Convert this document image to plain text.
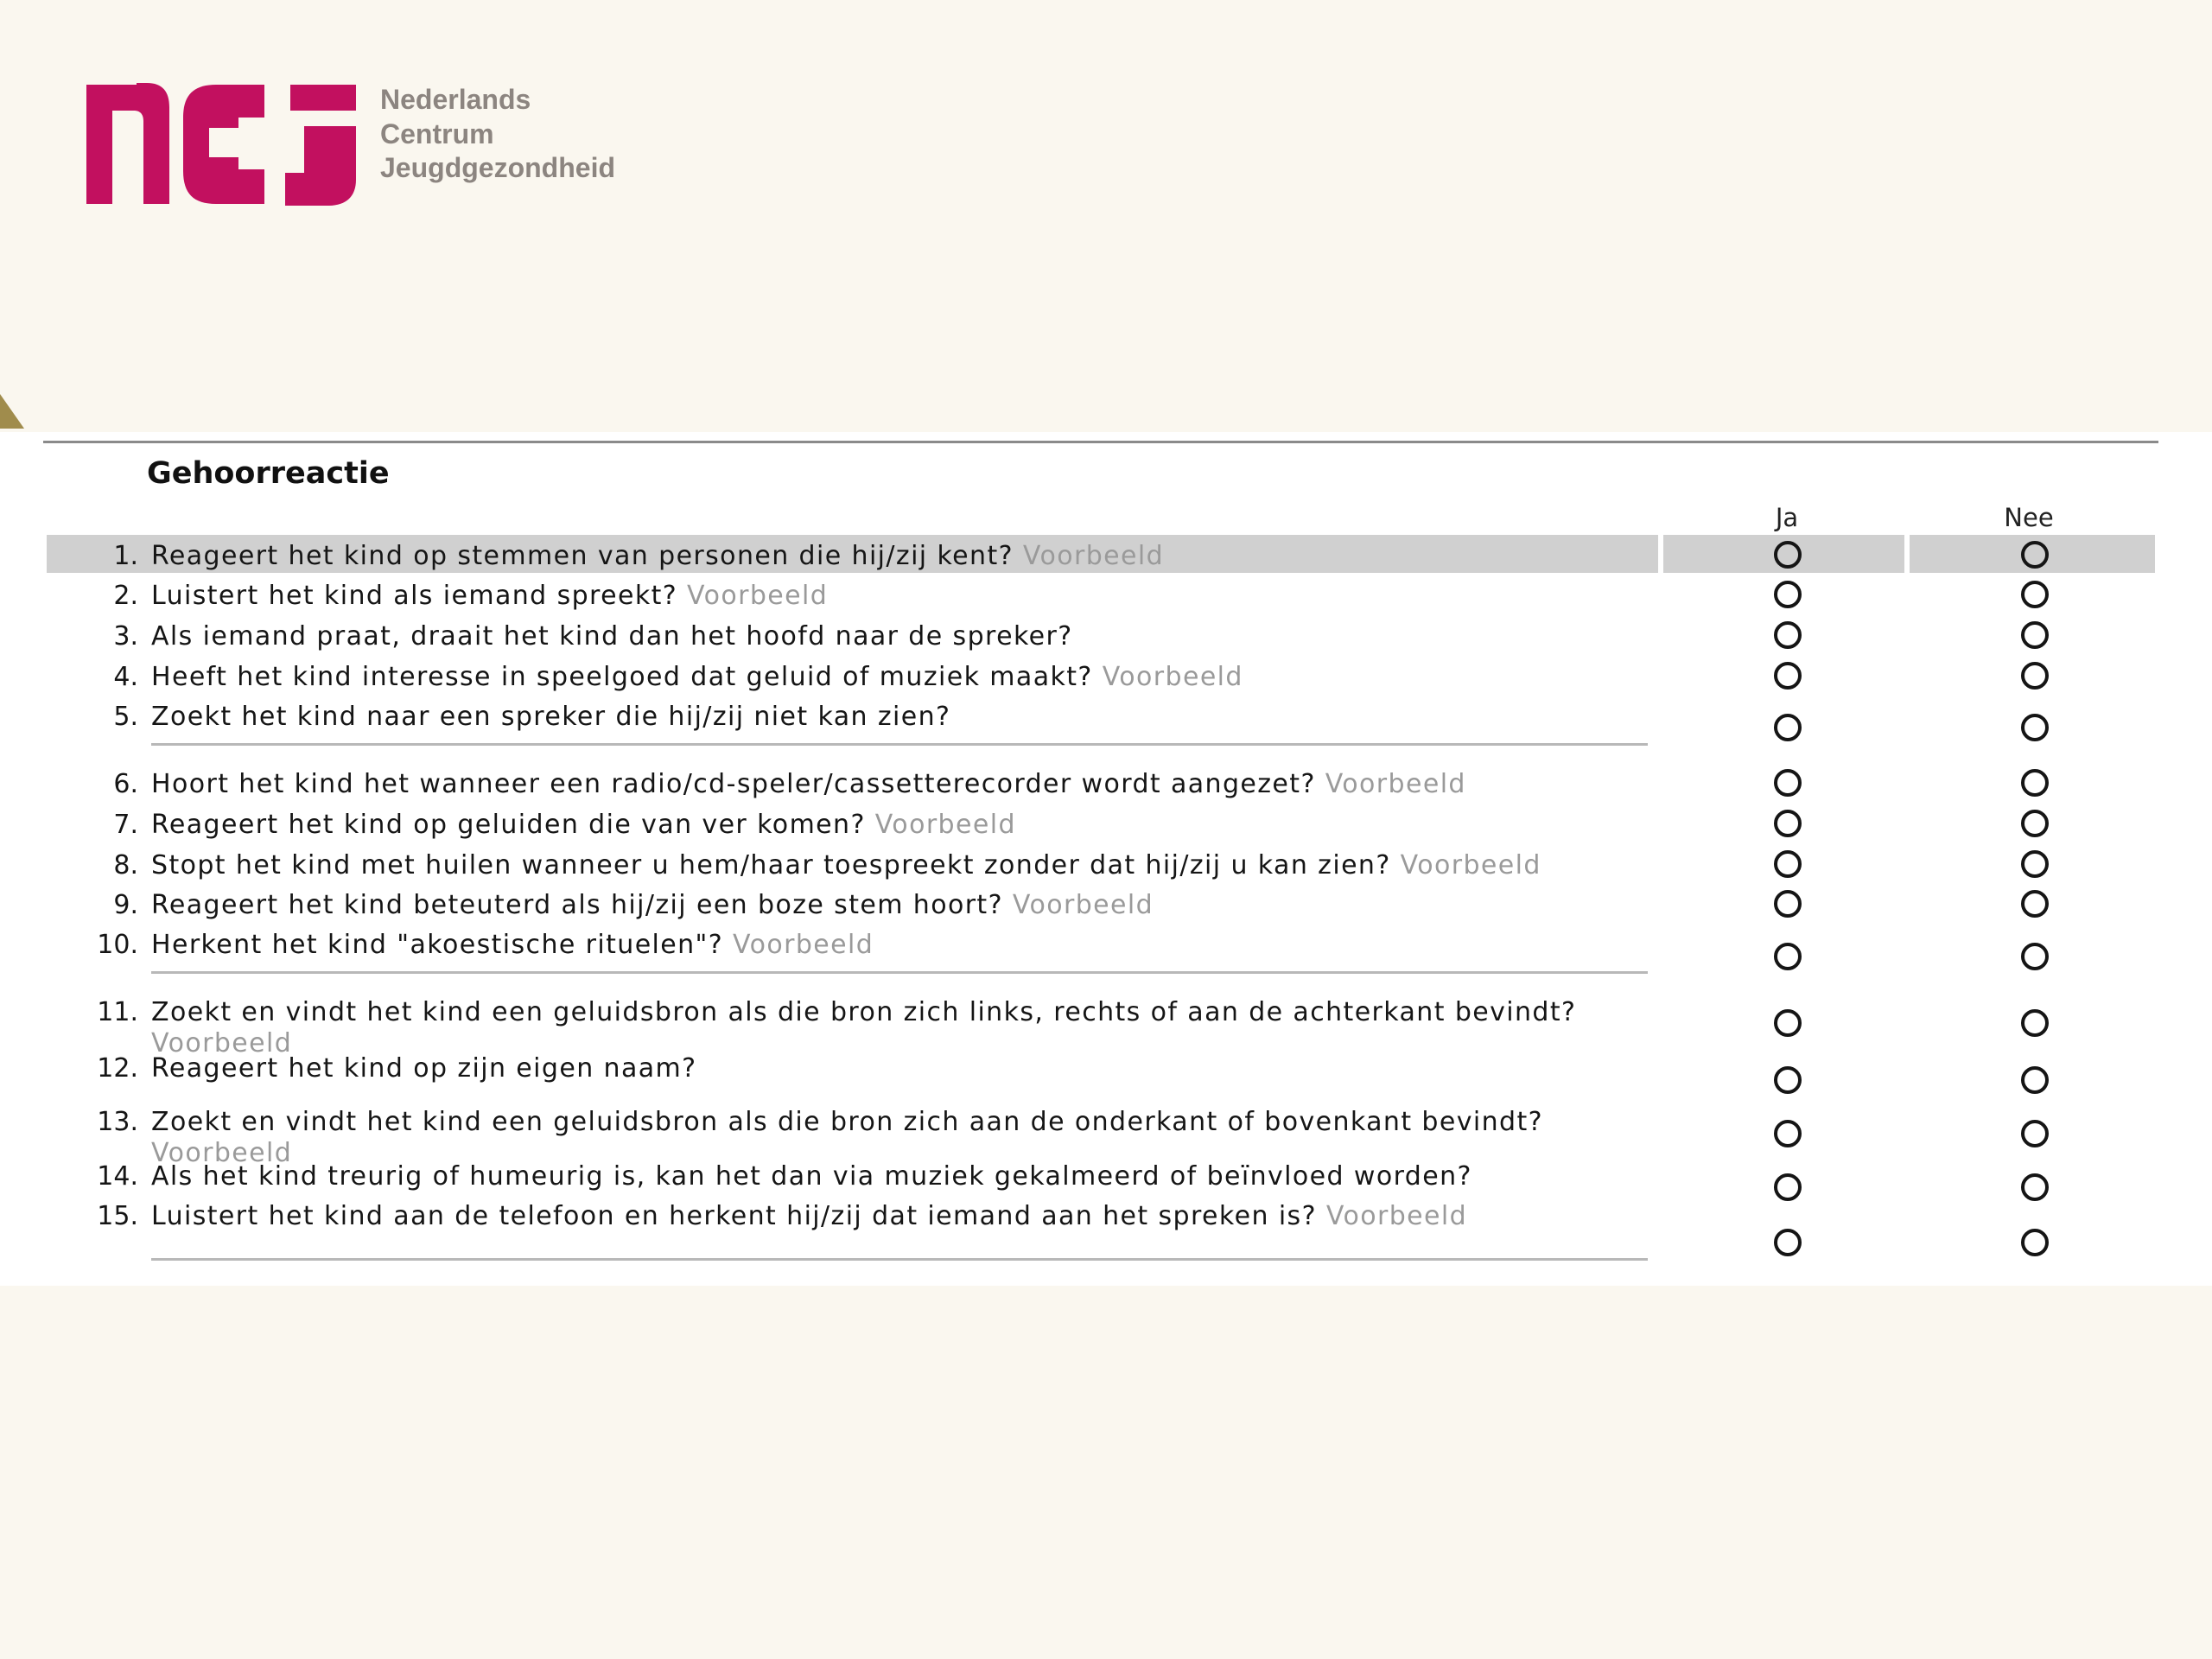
Nederlands
Centrum
Jeugdgezondheid
Gehoorreactie
Ja	Nee
1. Reageert het kind op stemmen van personen die hij/zij kent? Voorbeeld
2. Luistert het kind als iemand spreekt? Voorbeeld
3. Als iemand praat, draait het kind dan het hoofd naar de spreker?
4. Heeft het kind interesse in speelgoed dat geluid of muziek maakt? Voorbeeld
5. Zoekt het kind naar een spreker die hij/zij niet kan zien?
6. Hoort het kind het wanneer een radio/cd-speler/cassetterecorder wordt aangezet? Voorbeeld
7. Reageert het kind op geluiden die van ver komen? Voorbeeld
8. Stopt het kind met huilen wanneer u hem/haar toespreekt zonder dat hij/zij u kan zien? Voorbeeld
9. Reageert het kind beteuterd als hij/zij een boze stem hoort? Voorbeeld
10. Herkent het kind "akoestische rituelen"? Voorbeeld
11. Zoekt en vindt het kind een geluidsbron als die bron zich links, rechts of aan de achterkant bevindt? Voorbeeld
12. Reageert het kind op zijn eigen naam?
13. Zoekt en vindt het kind een geluidsbron als die bron zich aan de onderkant of bovenkant bevindt? Voorbeeld
14. Als het kind treurig of humeurig is, kan het dan via muziek gekalmeerd of beïnvloed worden?
15. Luistert het kind aan de telefoon en herkent hij/zij dat iemand aan het spreken is? Voorbeeld
